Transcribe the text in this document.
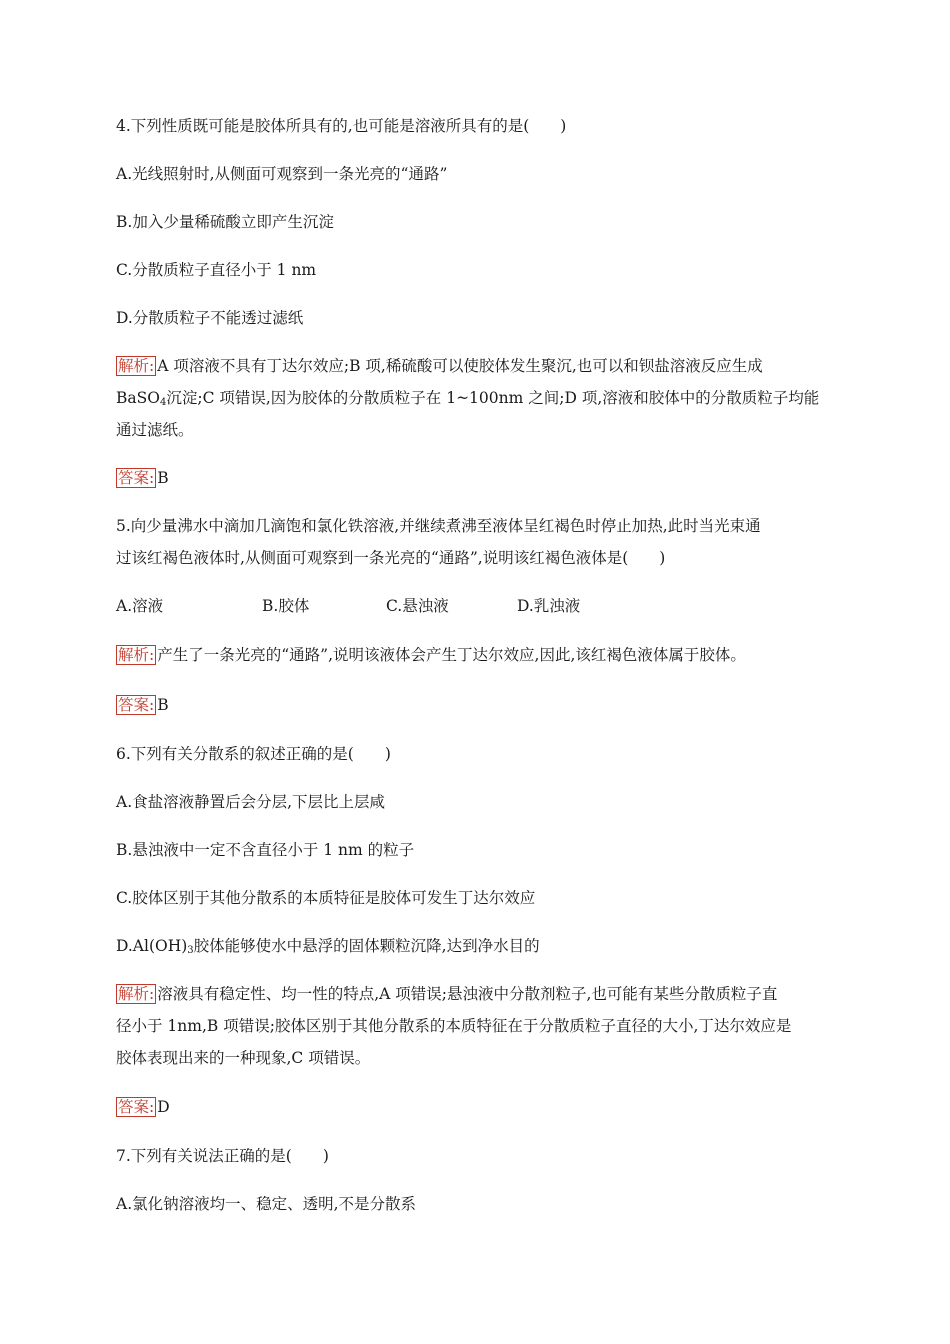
4.下列性质既可能是胶体所具有的,也可能是溶液所具有的是(　　)
A.光线照射时,从侧面可观察到一条光亮的“通路”
B.加入少量稀硫酸立即产生沉淀
C.分散质粒子直径小于 1 nm
D.分散质粒子不能透过滤纸
解析: A 项溶液不具有丁达尔效应;B 项,稀硫酸可以使胶体发生聚沉,也可以和钡盐溶液反应生成
BaSO$_4$沉淀;C 项错误,因为胶体的分散质粒子在 1~100nm 之间;D 项,溶液和胶体中的分散质粒子均能
通过滤纸。
答案: B
5.向少量沸水中滴加几滴饱和氯化铁溶液,并继续煮沸至液体呈红褐色时停止加热,此时当光束通
过该红褐色液体时,从侧面可观察到一条光亮的“通路”,说明该红褐色液体是(　　)
A.溶液	B.胶体	C.悬浊液	D.乳浊液
解析: 产生了一条光亮的“通路”,说明该液体会产生丁达尔效应,因此,该红褐色液体属于胶体。
答案: B
6.下列有关分散系的叙述正确的是(　　)
A.食盐溶液静置后会分层,下层比上层咸
B.悬浊液中一定不含直径小于 1 nm 的粒子
C.胶体区别于其他分散系的本质特征是胶体可发生丁达尔效应
$D.Al(OH)_3$胶体能够使水中悬浮的固体颗粒沉降,达到净水目的
解析: 溶液具有稳定性、均一性的特点,A 项错误;悬浊液中分散剂粒子,也可能有某些分散质粒子直
径小于 1nm,B 项错误;胶体区别于其他分散系的本质特征在于分散质粒子直径的大小,丁达尔效应是
胶体表现出来的一种现象,C 项错误。
答案: D
7.下列有关说法正确的是(　　)
A.氯化钠溶液均一、稳定、透明,不是分散系
